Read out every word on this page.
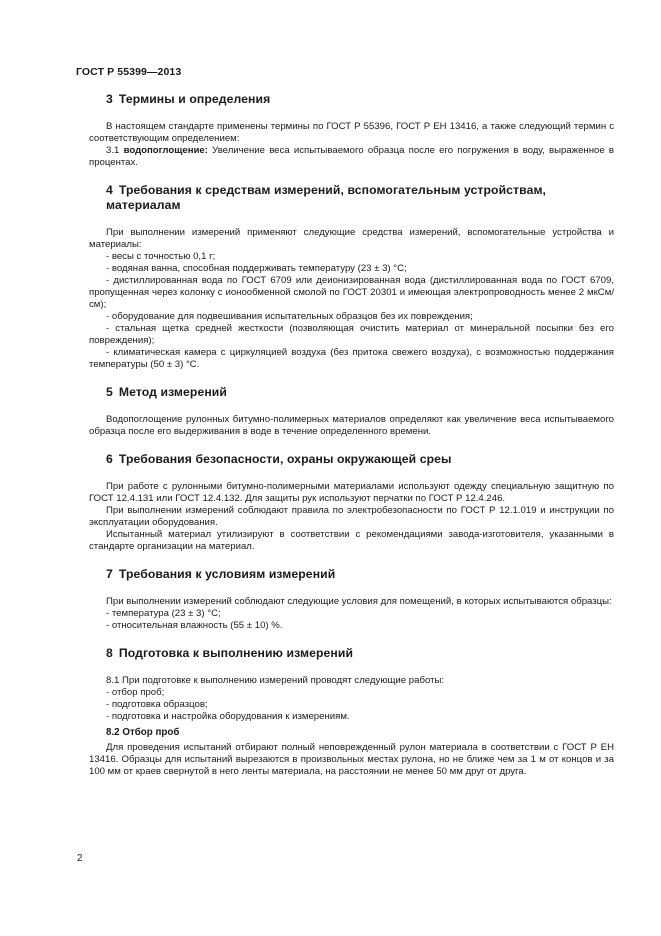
ГОСТ Р 55399—2013
3 Термины и определения

В настоящем стандарте применены термины по ГОСТ Р 55396, ГОСТ Р ЕН 13416, а также следующий термин с соответствующим определением:

3.1 водопоглощение: Увеличение веса испытываемого образца после его погружения в воду, выраженное в процентах.

4 Требования к средствам измерений, вспомогательным устройствам,
материалам

При выполнении измерений применяют следующие средства измерений, вспомогательные устройства и материалы:

- весы с точностью 0,1 г;

- водяная ванна, способная поддерживать температуру (23 ± 3) °C;

- дистиллированная вода по ГОСТ 6709 или деионизированная вода (дистиллированная вода по ГОСТ 6709, пропущенная через колонку с ионообменной смолой по ГОСТ 20301 и имеющая электропроводность менее 2 мкСм/см);

- оборудование для подвешивания испытательных образцов без их повреждения;

- стальная щетка средней жесткости (позволяющая очистить материал от минеральной посыпки без его повреждения);

- климатическая камера с циркуляцией воздуха (без притока свежего воздуха), с возможностью поддержания температуры (50 ± 3) °C.

5 Метод измерений

Водопоглощение рулонных битумно-полимерных материалов определяют как увеличение веса испытываемого образца после его выдерживания в воде в течение определенного времени.

6 Требования безопасности, охраны окружающей среы

При работе с рулонными битумно-полимерными материалами используют одежду специальную защитную по ГОСТ 12.4.131 или ГОСТ 12.4.132. Для защиты рук используют перчатки по ГОСТ Р 12.4.246.

При выполнении измерений соблюдают правила по электробезопасности по ГОСТ Р 12.1.019 и инструкции по эксплуатации оборудования.

Испытанный материал утилизируют в соответствии с рекомендациями завода-изготовителя, указанными в стандарте организации на материал.

7 Требования к условиям измерений

При выполнении измерений соблюдают следующие условия для помещений, в которых испытываются образцы:

- температура (23 ± 3) °C;

- относительная влажность (55 ± 10) %.

8 Подготовка к выполнению измерений

8.1 При подготовке к выполнению измерений проводят следующие работы:

- отбор проб;

- подготовка образцов;

- подготовка и настройка оборудования к измерениям.

8.2 Отбор проб

Для проведения испытаний отбирают полный неповрежденный рулон материала в соответствии с ГОСТ Р ЕН 13416. Образцы для испытаний вырезаются в произвольных местах рулона, но не ближе чем за 1 м от концов и за 100 мм от краев свернутой в него ленты материала, на расстоянии не менее 50 мм друг от друга.

2
